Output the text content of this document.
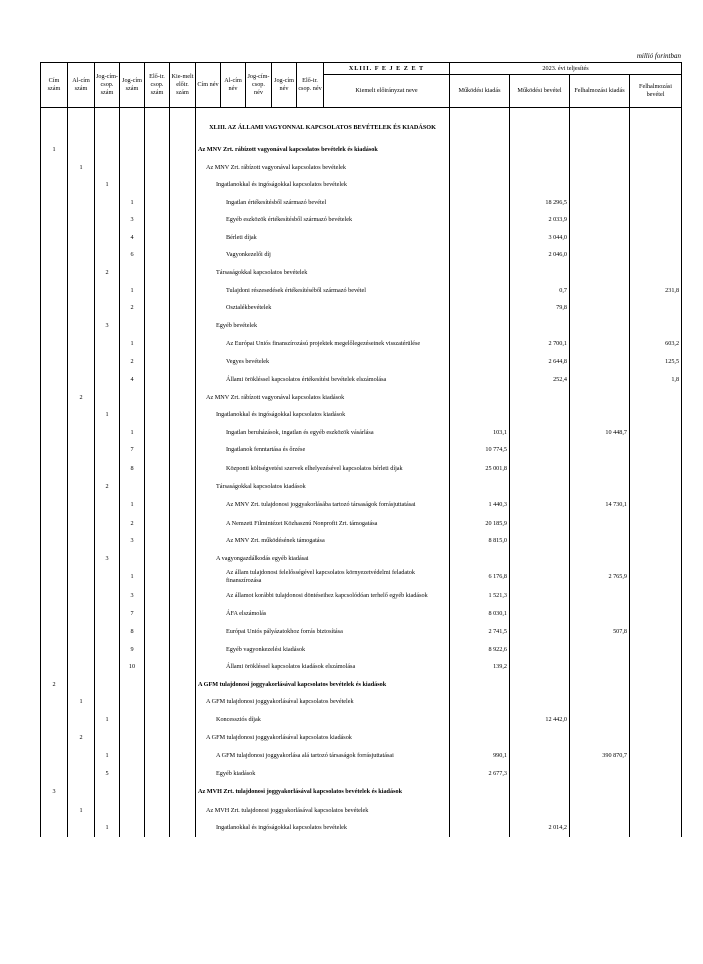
millió forintban
Cím szám	Al-cím szám	Jog-cím-csop. szám	Jog-cím szám	Elő-ir. csop. szám	Kie-melt előir. szám	Cím név	Al-cím név	Jog-cím-csop. név	Jog-cím név	Elő-ir. csop. név	XLIII. F E J E Z E T	2023. évi teljesítés			
											Kiemelt előirányzat neve	Működési kiadás	Működési bevétel	Felhalmozási kiadás	Felhalmozási bevétel

						XLIII. AZ ÁLLAMI VAGYONNAL KAPCSOLATOS BEVÉTELEK ÉS KIADÁSOK									
1						Az MNV Zrt. rábízott vagyonával kapcsolatos bevételek és kiadások									
	1					Az MNV Zrt. rábízott vagyonával kapcsolatos bevételek									
		1				Ingatlanokkal és ingóságokkal kapcsolatos bevételek									
			1			Ingatlan értékesítésből származó bevétel							18 296,5		
			3			Egyéb eszközök értékesítésből származó bevételek							2 033,9		
			4			Bérleti díjak							3 044,0		
			6			Vagyonkezelői díj							2 046,0		
		2				Társaságokkal kapcsolatos bevételek									
			1			Tulajdoni részesedések értékesítéséből származó bevétel							0,7		231,8
			2			Osztalékbevételek							79,8		
		3				Egyéb bevételek									
			1			Az Európai Uniós finanszírozású projektek megelőlegezéseinek visszatérülése							2 700,1		603,2
			2			Vegyes bevételek							2 644,8		125,5
			4			Állami örökléssel kapcsolatos értékesítési bevételek elszámolása							252,4		1,8
	2					Az MNV Zrt. rábízott vagyonával kapcsolatos kiadások									
		1				Ingatlanokkal és ingóságokkal kapcsolatos kiadások									
			1			Ingatlan beruházások, ingatlan és egyéb eszközök vásárlása						103,1		10 448,7	
			7			Ingatlanok fenntartása és őrzése						10 774,5			
			8			Központi költségvetési szervek elhelyezésével kapcsolatos bérleti díjak						25 001,8			
		2				Társaságokkal kapcsolatos kiadások									
			1			Az MNV Zrt. tulajdonosi joggyakorlásába tartozó társaságok forrásjuttatásai						1 440,3		14 730,1	
			2			A Nemzeti Filmintézet Közhasznú Nonprofit Zrt. támogatása						20 185,9			
			3			Az MNV Zrt. működésének támogatása						8 815,0			
		3				A vagyongazdálkodás egyéb kiadásai									
			1			Az állam tulajdonosi felelősségével kapcsolatos környezetvédelmi feladatok finanszírozása						6 176,8		2 765,9	
			3			Az államot korábbi tulajdonosi döntéseihez kapcsolódóan terhelő egyéb kiadások						1 521,3			
			7			ÁFA elszámolás						8 030,1			
			8			Európai Uniós pályázatokhoz forrás biztosítása						2 741,5		507,8	
			9			Egyéb vagyonkezelési kiadások						8 922,6			
			10			Állami örökléssel kapcsolatos kiadások elszámolása						139,2			
2						A GFM tulajdonosi joggyakorlásával kapcsolatos bevételek és kiadások									
	1					A GFM tulajdonosi joggyakorlásával kapcsolatos bevételek									
		1				Koncessziós díjak							12 442,0		
	2					A GFM tulajdonosi joggyakorlásával kapcsolatos kiadások									
		1				A GFM tulajdonosi joggyakorlása alá tartozó társaságok forrásjuttatásai						990,1		390 870,7	
		5				Egyéb kiadások						2 677,3			
3						Az MVH Zrt. tulajdonosi joggyakorlásával kapcsolatos bevételek és kiadások									
	1					Az MVH Zrt. tulajdonosi joggyakorlásával kapcsolatos bevételek									
		1				Ingatlanokkal és ingóságokkal kapcsolatos bevételek							2 014,2		
